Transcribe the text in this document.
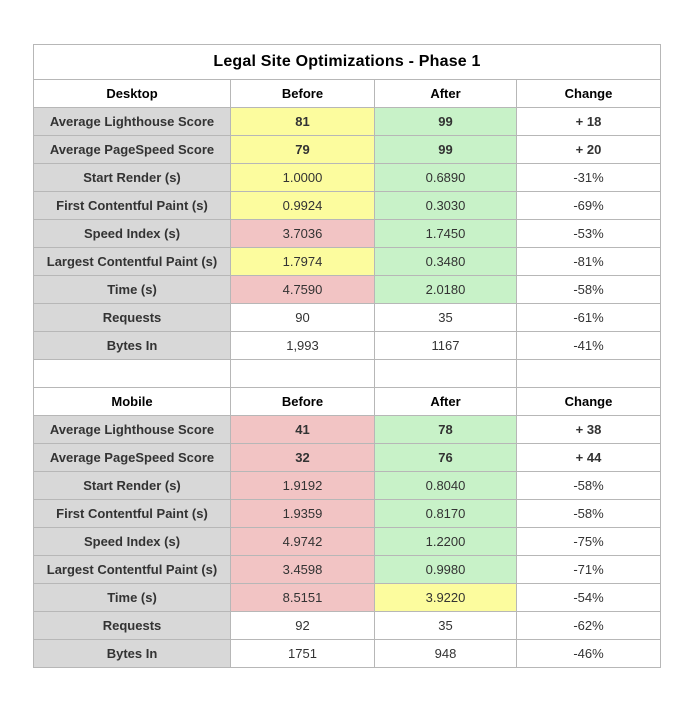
Legal Site Optimizations - Phase 1			
Desktop	Before	After	Change
Average Lighthouse Score	81	99	+ 18
Average PageSpeed Score	79	99	+ 20
Start Render (s)	1.0000	0.6890	-31%
First Contentful Paint (s)	0.9924	0.3030	-69%
Speed Index (s)	3.7036	1.7450	-53%
Largest Contentful Paint (s)	1.7974	0.3480	-81%
Time (s)	4.7590	2.0180	-58%
Requests	90	35	-61%
Bytes In	1,993	1167	-41%

Mobile	Before	After	Change
Average Lighthouse Score	41	78	+ 38
Average PageSpeed Score	32	76	+ 44
Start Render (s)	1.9192	0.8040	-58%
First Contentful Paint (s)	1.9359	0.8170	-58%
Speed Index (s)	4.9742	1.2200	-75%
Largest Contentful Paint (s)	3.4598	0.9980	-71%
Time (s)	8.5151	3.9220	-54%
Requests	92	35	-62%
Bytes In	1751	948	-46%
